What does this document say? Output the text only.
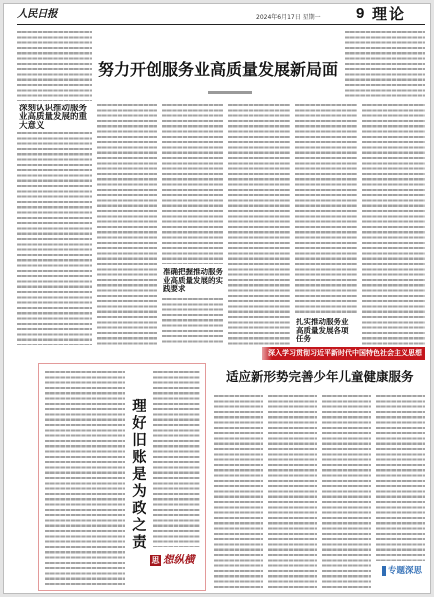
人民日报	2024年6月17日 星期一 9 理论
深刻认识推动服务业高质量发展的重大意义
努力开创服务业高质量发展新局面
准确把握推动服务业高质量发展的实践要求
扎实推动服务业高质量发展各项任务
深入学习贯彻习近平新时代中国特色社会主义思想
理好旧账是为政之责
思 想纵横
适应新形势完善少年儿童健康服务
专题深思
